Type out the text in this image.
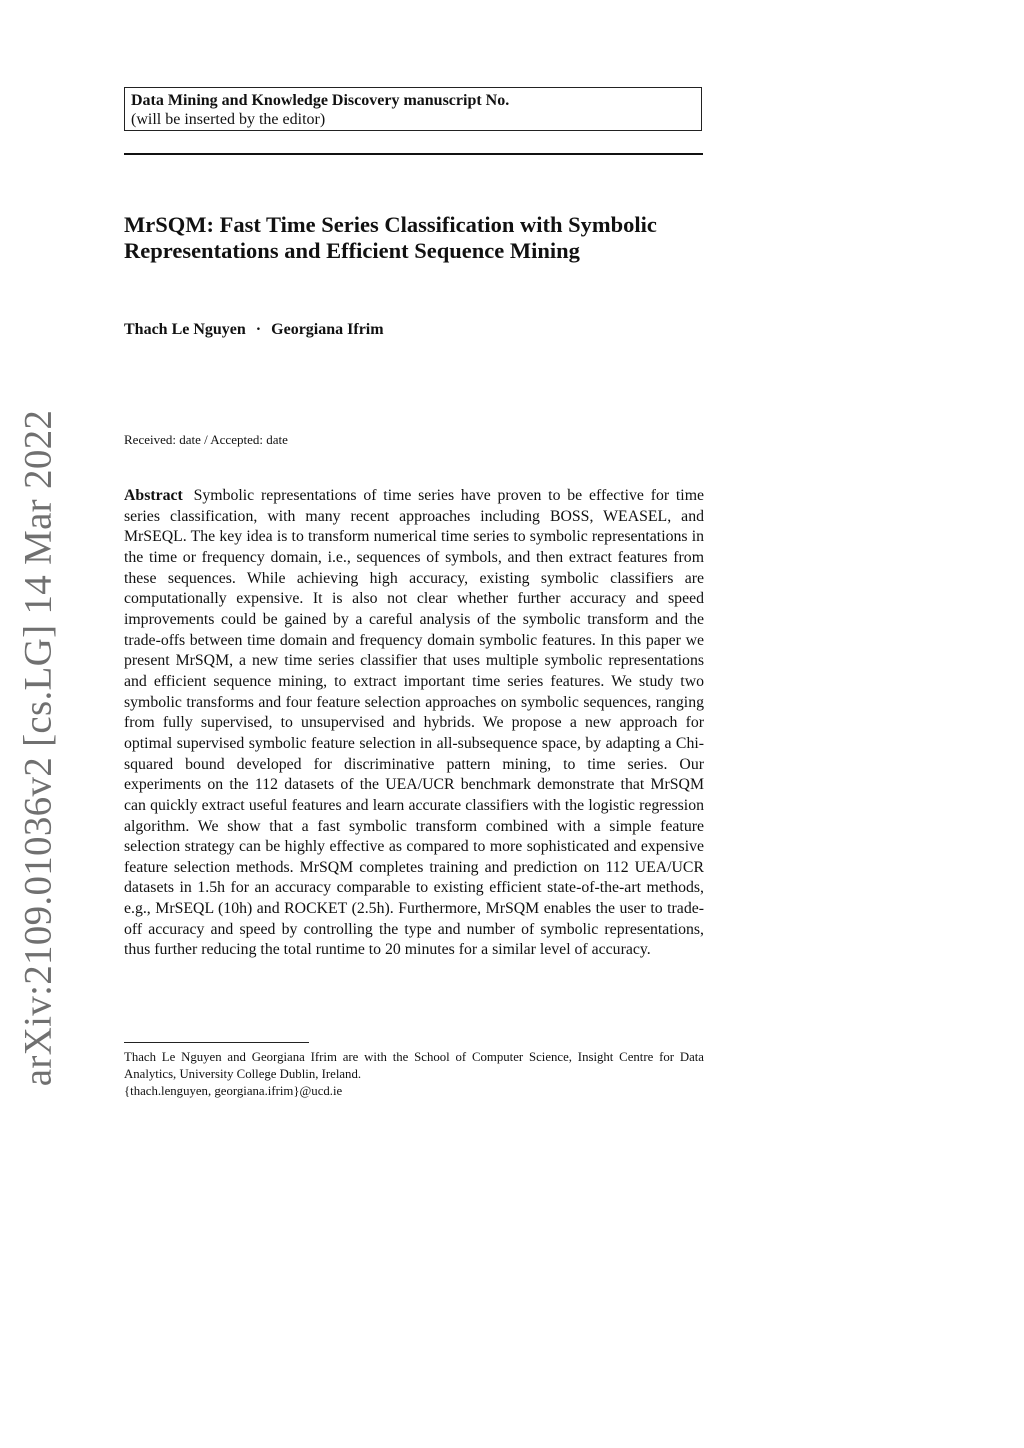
arXiv:2109.01036v2 [cs.LG] 14 Mar 2022
Data Mining and Knowledge Discovery manuscript No.
(will be inserted by the editor)
MrSQM: Fast Time Series Classification with Symbolic Representations and Efficient Sequence Mining
Thach Le Nguyen · Georgiana Ifrim
Received: date / Accepted: date

Abstract Symbolic representations of time series have proven to be effective for time series classification, with many recent approaches including BOSS, WEASEL, and MrSEQL. The key idea is to transform numerical time series to symbolic representations in the time or frequency domain, i.e., sequences of symbols, and then extract features from these sequences. While achieving high accuracy, existing symbolic classifiers are computationally expensive. It is also not clear whether further accuracy and speed improvements could be gained by a careful analysis of the symbolic transform and the trade-offs between time domain and frequency domain symbolic features. In this paper we present MrSQM, a new time series classifier that uses multiple symbolic representations and efficient sequence mining, to extract important time series features. We study two symbolic transforms and four feature selection approaches on symbolic sequences, ranging from fully supervised, to unsupervised and hybrids. We propose a new approach for optimal supervised symbolic feature selection in all-subsequence space, by adapting a Chi-squared bound developed for discriminative pattern mining, to time series. Our experiments on the 112 datasets of the UEA/UCR benchmark demonstrate that MrSQM can quickly extract useful features and learn accurate classifiers with the logistic regression algorithm. We show that a fast symbolic transform combined with a simple feature selection strategy can be highly effective as compared to more sophisticated and expensive feature selection methods. MrSQM completes training and prediction on 112 UEA/UCR datasets in 1.5h for an accuracy comparable to existing efficient state-of-the-art methods, e.g., MrSEQL (10h) and ROCKET (2.5h). Furthermore, MrSQM enables the user to trade-off accuracy and speed by controlling the type and number of symbolic representations, thus further reducing the total runtime to 20 minutes for a similar level of accuracy.

Thach Le Nguyen and Georgiana Ifrim are with the School of Computer Science, Insight Centre for Data Analytics, University College Dublin, Ireland.

{thach.lenguyen, georgiana.ifrim}@ucd.ie
